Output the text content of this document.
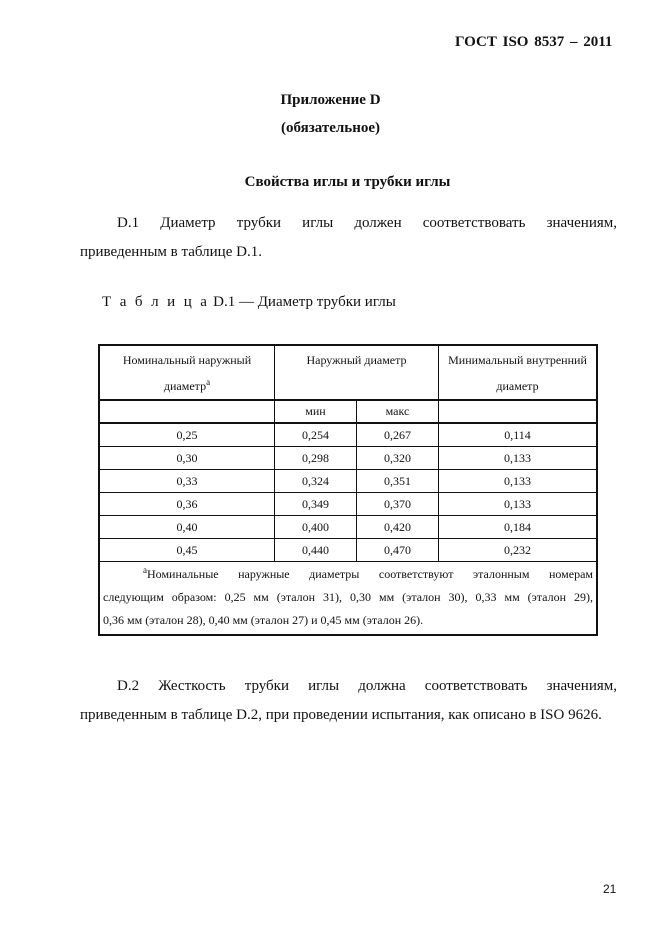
ГОСТ ISO 8537 – 2011
Приложение D
(обязательное)
Свойства иглы и трубки иглы
D.1 Диаметр трубки иглы должен соответствовать значениям,
приведенным в таблице D.1.
Т а б л и ц а D.1 — Диаметр трубки иглы
Номинальный наружный диаметр$^a$	Наружный диаметр		Минимальный внутренний диаметр
	мин	макс	
0,25	0,254	0,267	0,114
0,30	0,298	0,320	0,133
0,33	0,324	0,351	0,133
0,36	0,349	0,370	0,133
0,40	0,400	0,420	0,184
0,45	0,440	0,470	0,232

$^a$Номинальные наружные диаметры соответствуют эталонным номерам
следующим образом: 0,25 мм (эталон 31), 0,30 мм (эталон 30), 0,33 мм (эталон 29),
0,36 мм (эталон 28), 0,40 мм (эталон 27) и 0,45 мм (эталон 26).			
D.2 Жесткость трубки иглы должна соответствовать значениям,
приведенным в таблице D.2, при проведении испытания, как описано в ISO 9626.
21
